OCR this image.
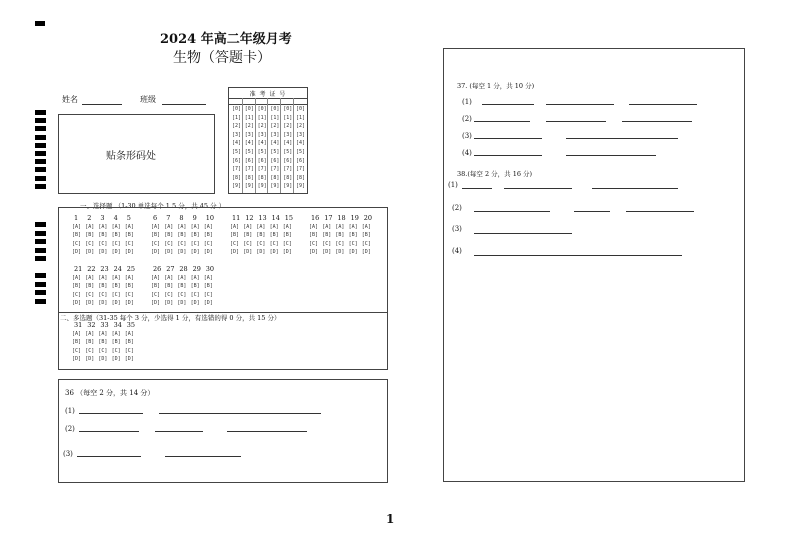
2024 年高二年级月考
生物（答题卡）
姓名	班级
贴条形码处
准 考 证 号
[0]
[1]
[2]
[3]
[4]
[5]
[6]
[7]
[8]
[9]
[0]
[1]
[2]
[3]
[4]
[5]
[6]
[7]
[8]
[9]
[0]
[1]
[2]
[3]
[4]
[5]
[6]
[7]
[8]
[9]
[0]
[1]
[2]
[3]
[4]
[5]
[6]
[7]
[8]
[9]
[0]
[1]
[2]
[3]
[4]
[5]
[6]
[7]
[8]
[9]
[0]
[1]
[2]
[3]
[4]
[5]
[6]
[7]
[8]
[9]
一、选择题 （1-30 单选每个 1.5 分，共 45 分 ）
1
[A]
[B]
[C]
[D]
2
[A]
[B]
[C]
[D]
3
[A]
[B]
[C]
[D]
4
[A]
[B]
[C]
[D]
5
[A]
[B]
[C]
[D]
6
[A]
[B]
[C]
[D]
7
[A]
[B]
[C]
[D]
8
[A]
[B]
[C]
[D]
9
[A]
[B]
[C]
[D]
10
[A]
[B]
[C]
[D]
11
[A]
[B]
[C]
[D]
12
[A]
[B]
[C]
[D]
13
[A]
[B]
[C]
[D]
14
[A]
[B]
[C]
[D]
15
[A]
[B]
[C]
[D]
16
[A]
[B]
[C]
[D]
17
[A]
[B]
[C]
[D]
18
[A]
[B]
[C]
[D]
19
[A]
[B]
[C]
[D]
20
[A]
[B]
[C]
[D]
21
[A]
[B]
[C]
[D]
22
[A]
[B]
[C]
[D]
23
[A]
[B]
[C]
[D]
24
[A]
[B]
[C]
[D]
25
[A]
[B]
[C]
[D]
26
[A]
[B]
[C]
[D]
27
[A]
[B]
[C]
[D]
28
[A]
[B]
[C]
[D]
29
[A]
[B]
[C]
[D]
30
[A]
[B]
[C]
[D]
二、多选题（31-35 每个 3 分，少选得 1 分，有选错的得 0 分，共 15 分）
31
[A]
[B]
[C]
[D]
32
[A]
[B]
[C]
[D]
33
[A]
[B]
[C]
[D]
34
[A]
[B]
[C]
[D]
35
[A]
[B]
[C]
[D]
36 （每空 2 分，共 14 分）
(1)
(2)
(3)
37. (每空 1 分，共 10 分)
(1)
(2)
(3)
(4)
38.(每空 2 分，共 16 分)
(1)
(2)
(3)
(4)
1
